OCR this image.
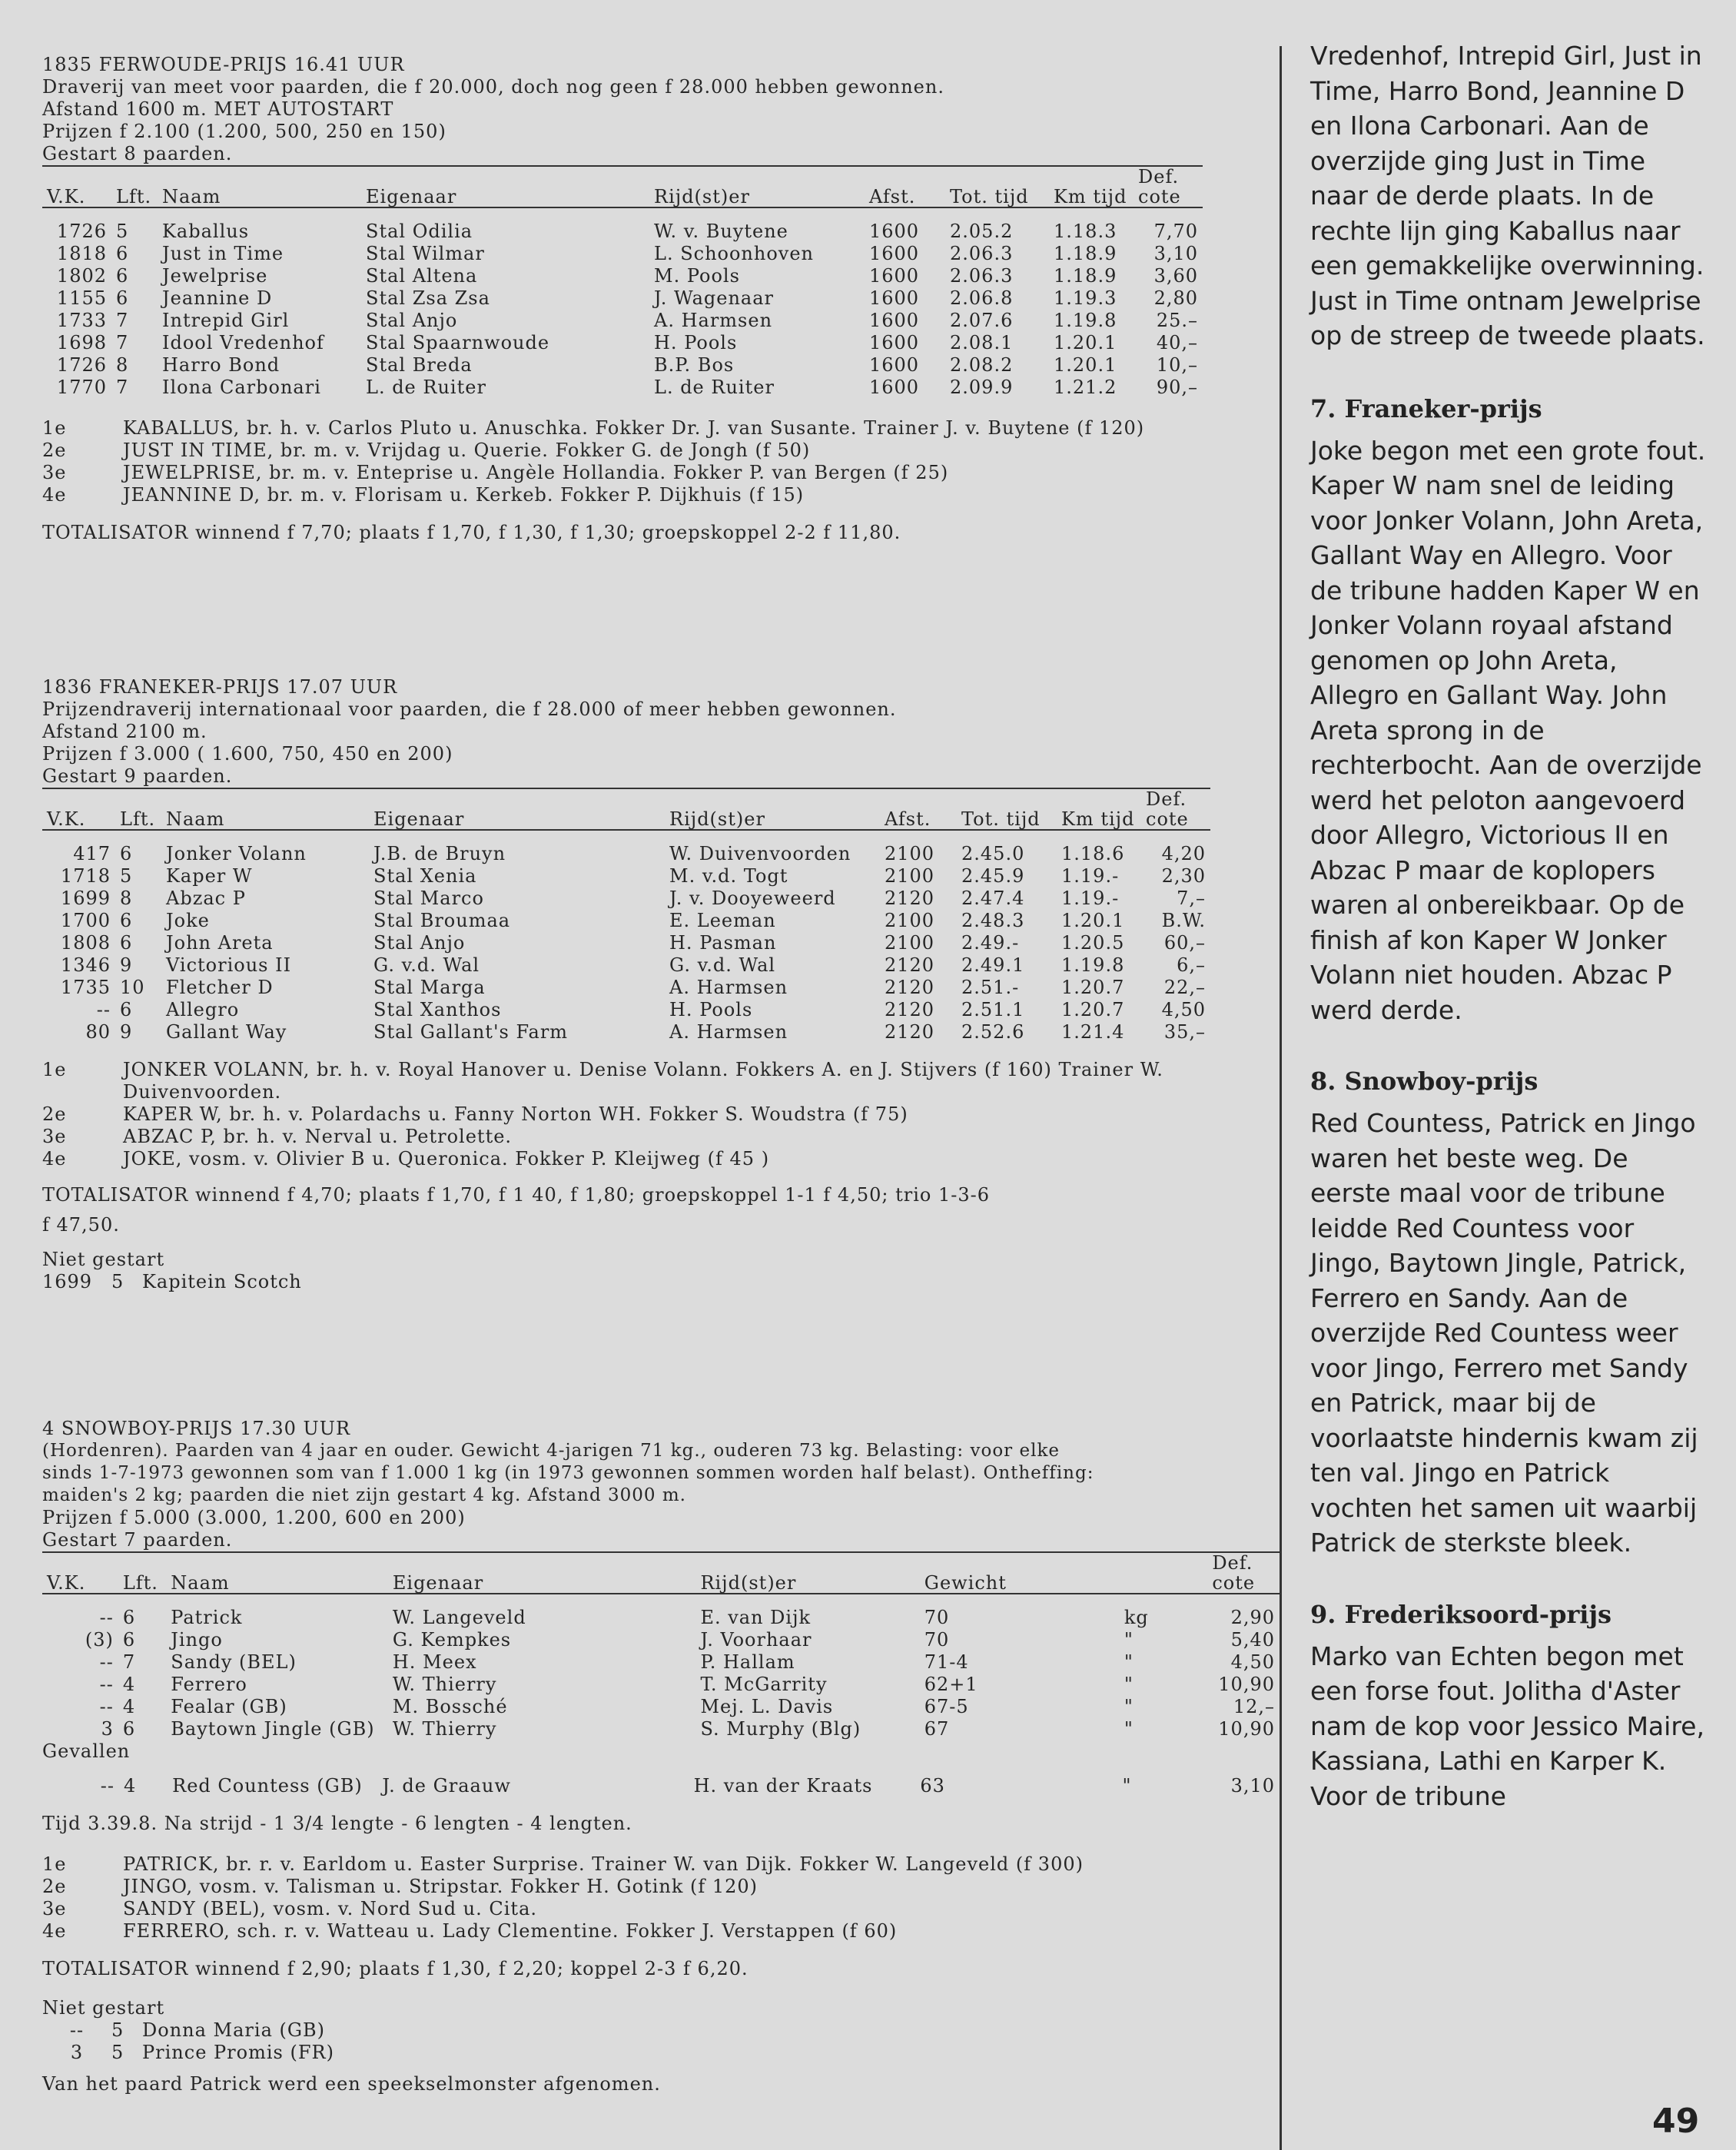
1835 FERWOUDE-PRIJS 16.41 UUR
Draverij van meet voor paarden, die f 20.000, doch nog geen f 28.000 hebben gewonnen.
Afstand 1600 m. MET AUTOSTART
Prijzen f 2.100 (1.200, 500, 250 en 150)
Gestart 8 paarden.
V.K.	Lft.	Naam	Eigenaar	Rijd(st)er	Afst.	Tot. tijd	Km tijd	Def. cote
1726	5	Kaballus	Stal Odilia	W. v. Buytene	1600	2.05.2	1.18.3	7,70
1818	6	Just in Time	Stal Wilmar	L. Schoonhoven	1600	2.06.3	1.18.9	3,10
1802	6	Jewelprise	Stal Altena	M. Pools	1600	2.06.3	1.18.9	3,60
1155	6	Jeannine D	Stal Zsa Zsa	J. Wagenaar	1600	2.06.8	1.19.3	2,80
1733	7	Intrepid Girl	Stal Anjo	A. Harmsen	1600	2.07.6	1.19.8	25.–
1698	7	Idool Vredenhof	Stal Spaarnwoude	H. Pools	1600	2.08.1	1.20.1	40,–
1726	8	Harro Bond	Stal Breda	B.P. Bos	1600	2.08.2	1.20.1	10,–
1770	7	Ilona Carbonari	L. de Ruiter	L. de Ruiter	1600	2.09.9	1.21.2	90,–
1e	KABALLUS, br. h. v. Carlos Pluto u. Anuschka. Fokker Dr. J. van Susante. Trainer J. v. Buytene (f 120)
2e	JUST IN TIME, br. m. v. Vrijdag u. Querie. Fokker G. de Jongh (f 50)
3e	JEWELPRISE, br. m. v. Enteprise u. Angèle Hollandia. Fokker P. van Bergen (f 25)
4e	JEANNINE D, br. m. v. Florisam u. Kerkeb. Fokker P. Dijkhuis (f 15)
TOTALISATOR winnend f 7,70; plaats f 1,70, f 1,30, f 1,30; groepskoppel 2-2 f 11,80.
1836 FRANEKER-PRIJS 17.07 UUR
Prijzendraverij internationaal voor paarden, die f 28.000 of meer hebben gewonnen.
Afstand 2100 m.
Prijzen f 3.000 ( 1.600, 750, 450 en 200)
Gestart 9 paarden.
V.K.	Lft.	Naam	Eigenaar	Rijd(st)er	Afst.	Tot. tijd	Km tijd	Def. cote
417	6	Jonker Volann	J.B. de Bruyn	W. Duivenvoorden	2100	2.45.0	1.18.6	4,20
1718	5	Kaper W	Stal Xenia	M. v.d. Togt	2100	2.45.9	1.19.-	2,30
1699	8	Abzac P	Stal Marco	J. v. Dooyeweerd	2120	2.47.4	1.19.-	7,–
1700	6	Joke	Stal Broumaa	E. Leeman	2100	2.48.3	1.20.1	B.W.
1808	6	John Areta	Stal Anjo	H. Pasman	2100	2.49.-	1.20.5	60,–
1346	9	Victorious II	G. v.d. Wal	G. v.d. Wal	2120	2.49.1	1.19.8	6,–
1735	10	Fletcher D	Stal Marga	A. Harmsen	2120	2.51.-	1.20.7	22,–
--	6	Allegro	Stal Xanthos	H. Pools	2120	2.51.1	1.20.7	4,50
80	9	Gallant Way	Stal Gallant's Farm	A. Harmsen	2120	2.52.6	1.21.4	35,–
1e	JONKER VOLANN, br. h. v. Royal Hanover u. Denise Volann. Fokkers A. en J. Stijvers (f 160) Trainer W. Duivenvoorden.
2e	KAPER W, br. h. v. Polardachs u. Fanny Norton WH. Fokker S. Woudstra (f 75)
3e	ABZAC P, br. h. v. Nerval u. Petrolette.
4e	JOKE, vosm. v. Olivier B u. Queronica. Fokker P. Kleijweg (f 45 )
TOTALISATOR winnend f 4,70; plaats f 1,70, f 1 40, f 1,80; groepskoppel 1-1 f 4,50; trio 1-3-6
f 47,50.
Niet gestart
1699 5 Kapitein Scotch
4 SNOWBOY-PRIJS 17.30 UUR
(Hordenren). Paarden van 4 jaar en ouder. Gewicht 4-jarigen 71 kg., ouderen 73 kg. Belasting: voor elke
sinds 1-7-1973 gewonnen som van f 1.000 1 kg (in 1973 gewonnen sommen worden half belast). Ontheffing:
maiden's 2 kg; paarden die niet zijn gestart 4 kg. Afstand 3000 m.
Prijzen f 5.000 (3.000, 1.200, 600 en 200)
Gestart 7 paarden.
V.K.	Lft.	Naam	Eigenaar	Rijd(st)er	Gewicht		Def. cote
--	6	Patrick	W. Langeveld	E. van Dijk	70	kg	2,90
(3)	6	Jingo	G. Kempkes	J. Voorhaar	70	"	5,40
--	7	Sandy (BEL)	H. Meex	P. Hallam	71-4	"	4,50
--	4	Ferrero	W. Thierry	T. McGarrity	62+1	"	10,90
--	4	Fealar (GB)	M. Bossché	Mej. L. Davis	67-5	"	12,–
3	6	Baytown Jingle (GB)	W. Thierry	S. Murphy (Blg)	67	"	10,90
Gevallen
--	4	Red Countess (GB)	J. de Graauw	H. van der Kraats	63	"	3,10
Tijd 3.39.8. Na strijd - 1 3/4 lengte - 6 lengten - 4 lengten.
1e	PATRICK, br. r. v. Earldom u. Easter Surprise. Trainer W. van Dijk. Fokker W. Langeveld (f 300)
2e	JINGO, vosm. v. Talisman u. Stripstar. Fokker H. Gotink (f 120)
3e	SANDY (BEL), vosm. v. Nord Sud u. Cita.
4e	FERRERO, sch. r. v. Watteau u. Lady Clementine. Fokker J. Verstappen (f 60)
TOTALISATOR winnend f 2,90; plaats f 1,30, f 2,20; koppel 2-3 f 6,20.
Niet gestart
-- 5 Donna Maria (GB)
3 5 Prince Promis (FR)
Van het paard Patrick werd een speekselmonster afgenomen.

Vredenhof, Intrepid Girl, Just in Time, Harro Bond, Jeannine D en Ilona Carbonari. Aan de overzijde ging Just in Time naar de derde plaats. In de rechte lijn ging Kaballus naar een gemakkelijke overwinning. Just in Time ontnam Jewelprise op de streep de tweede plaats.

7. Franeker-prijs

Joke begon met een grote fout. Kaper W nam snel de leiding voor Jonker Volann, John Areta, Gallant Way en Allegro. Voor de tribune hadden Kaper W en Jonker Volann royaal afstand genomen op John Areta, Allegro en Gallant Way. John Areta sprong in de rechterbocht. Aan de overzijde werd het peloton aangevoerd door Allegro, Victorious II en Abzac P maar de koplopers waren al onbereikbaar. Op de finish af kon Kaper W Jonker Volann niet houden. Abzac P werd derde.

8. Snowboy-prijs

Red Countess, Patrick en Jingo waren het beste weg. De eerste maal voor de tribune leidde Red Countess voor Jingo, Baytown Jingle, Patrick, Ferrero en Sandy. Aan de overzijde Red Countess weer voor Jingo, Ferrero met Sandy en Patrick, maar bij de voorlaatste hindernis kwam zij ten val. Jingo en Patrick vochten het samen uit waarbij Patrick de sterkste bleek.

9. Frederiksoord-prijs

Marko van Echten begon met een forse fout. Jolitha d'Aster nam de kop voor Jessico Maire, Kassiana, Lathi en Karper K. Voor de tribune

49
